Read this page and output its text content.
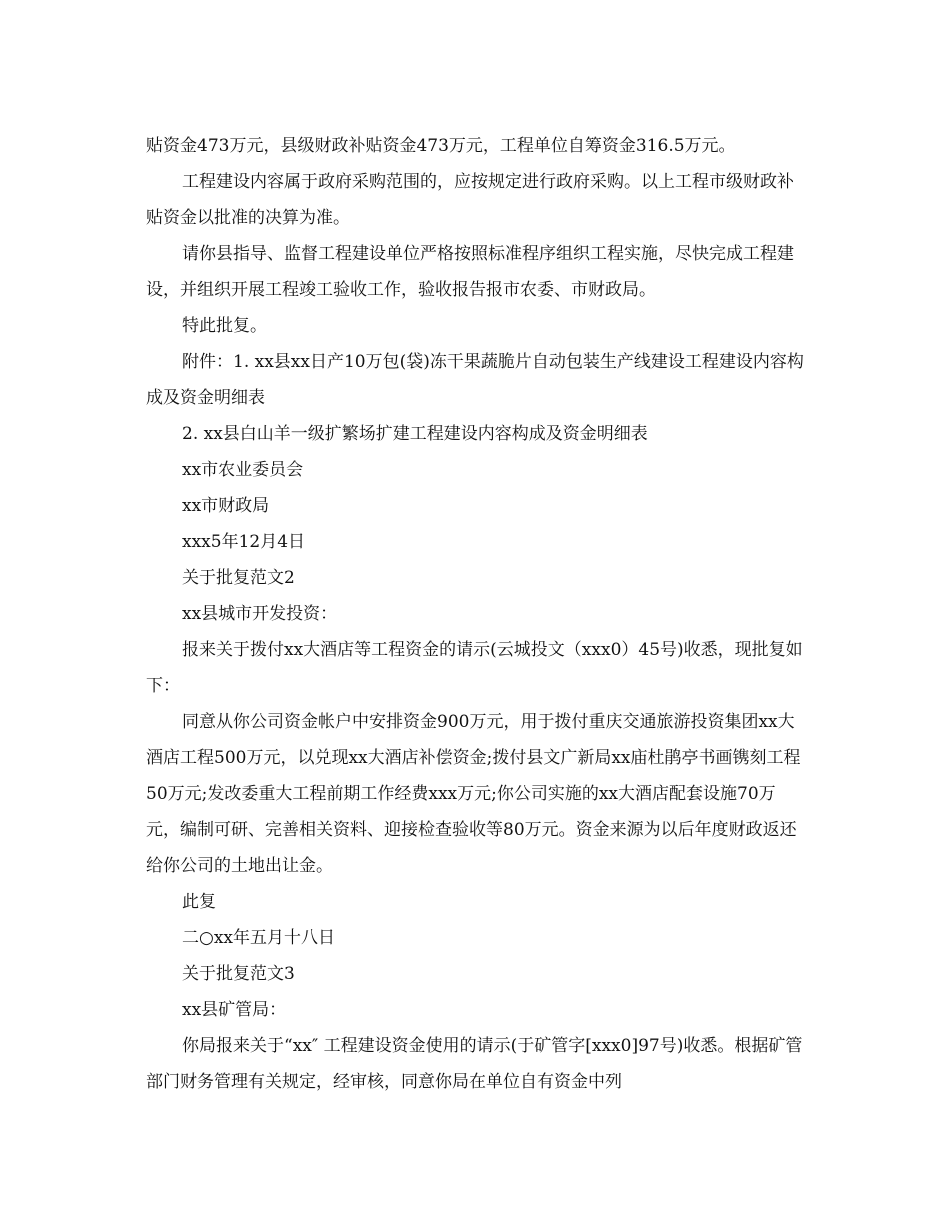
贴资金473万元，县级财政补贴资金473万元，工程单位自筹资金316.5万元。

工程建设内容属于政府采购范围的，应按规定进行政府采购。以上工程市级财政补贴资金以批准的决算为准。

请你县指导、监督工程建设单位严格按照标准程序组织工程实施，尽快完成工程建设，并组织开展工程竣工验收工作，验收报告报市农委、市财政局。

特此批复。

附件：1. xx县xx日产10万包(袋)冻干果蔬脆片自动包装生产线建设工程建设内容构成及资金明细表

2. xx县白山羊一级扩繁场扩建工程建设内容构成及资金明细表

xx市农业委员会

xx市财政局

xxx5年12月4日

关于批复范文2

xx县城市开发投资：

报来关于拨付xx大酒店等工程资金的请示(云城投文（xxx0）45号)收悉，现批复如下：

同意从你公司资金帐户中安排资金900万元，用于拨付重庆交通旅游投资集团xx大酒店工程500万元，以兑现xx大酒店补偿资金;拨付县文广新局xx庙杜鹃亭书画镌刻工程50万元;发改委重大工程前期工作经费xxx万元;你公司实施的xx大酒店配套设施70万元，编制可研、完善相关资料、迎接检查验收等80万元。资金来源为以后年度财政返还给你公司的土地出让金。

此复

二○xx年五月十八日

关于批复范文3

xx县矿管局：

你局报来关于“xx″ 工程建设资金使用的请示(于矿管字[xxx0]97号)收悉。根据矿管部门财务管理有关规定，经审核，同意你局在单位自有资金中列
